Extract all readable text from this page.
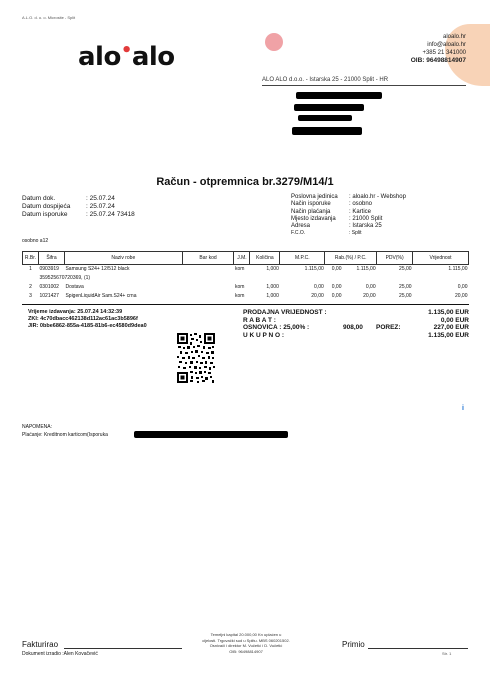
A.L.O. d. o. o. Microsite - Split
alo•alo
aloalo.hr
info@aloalo.hr
+385 21 341000
OIB: 96498814907
ALO ALO d.o.o. - Istarska 25 - 21000 Split - HR
Račun - otpremnica br.3279/M14/1
Datum dok.	: 25.07.24
Datum dospijeća : 25.07.24
Datum isporuke	: 25.07.24 73418
osobno a12
Poslovna jedinica : aloalo.hr - Webshop
Način isporuke	: osobno
Način plaćanja	: Kartice
Mjesto izdavanja : 21000 Split
Adresa	: Istarska 25
F.C.O.	: Split
R.Br.	Šifra	Naziv robe	Bar kod	J.M.	Količina	M.P.C.	Rab.(%) / P.C.	PDV(%)	Vrijednost
1	0903919	Samsung S24+ 12/512 black		kom	1,000	1.115,00	0,00	1.115,00	25,00	1.115,00
		359525670720369, (1)					
2	0301002	Dostava		kom	1,000	0,00	0,00	0,00	25,00	0,00
3	1021427	SpigenLiquidAir Sam.S24+ crna		kom	1,000	20,00	0,00	20,00	25,00	20,00
Vrijeme izdavanja: 25.07.24 14:32:39
ZKI: 4c70dbacc462138d112ac61ac3b5896f
JIR: 0bbe6862-855a-4185-81b6-ec4580d9dea0
PRODAJNA VRIJEDNOST :	1.135,00 EUR
R A B A T :	0,00 EUR
OSNOVICA : 25,00% :	908,00 POREZ:	227,00 EUR
U K U P N O :	1.135,00 EUR
i
NAPOMENA:
Plaćanje: Kreditnom karticom(Isporuka
Fakturirao
Dokument izradio :Alen Kovačević
Temeljni kapital 20.000,00 Kn uplaćen u
cijelosti. Trgovački sud u Splitu. MBS 060201502.
Osnivači i direktor M. Vučetić i D. Vučetić
OIB: 96498814907
Primio
Str. 1
